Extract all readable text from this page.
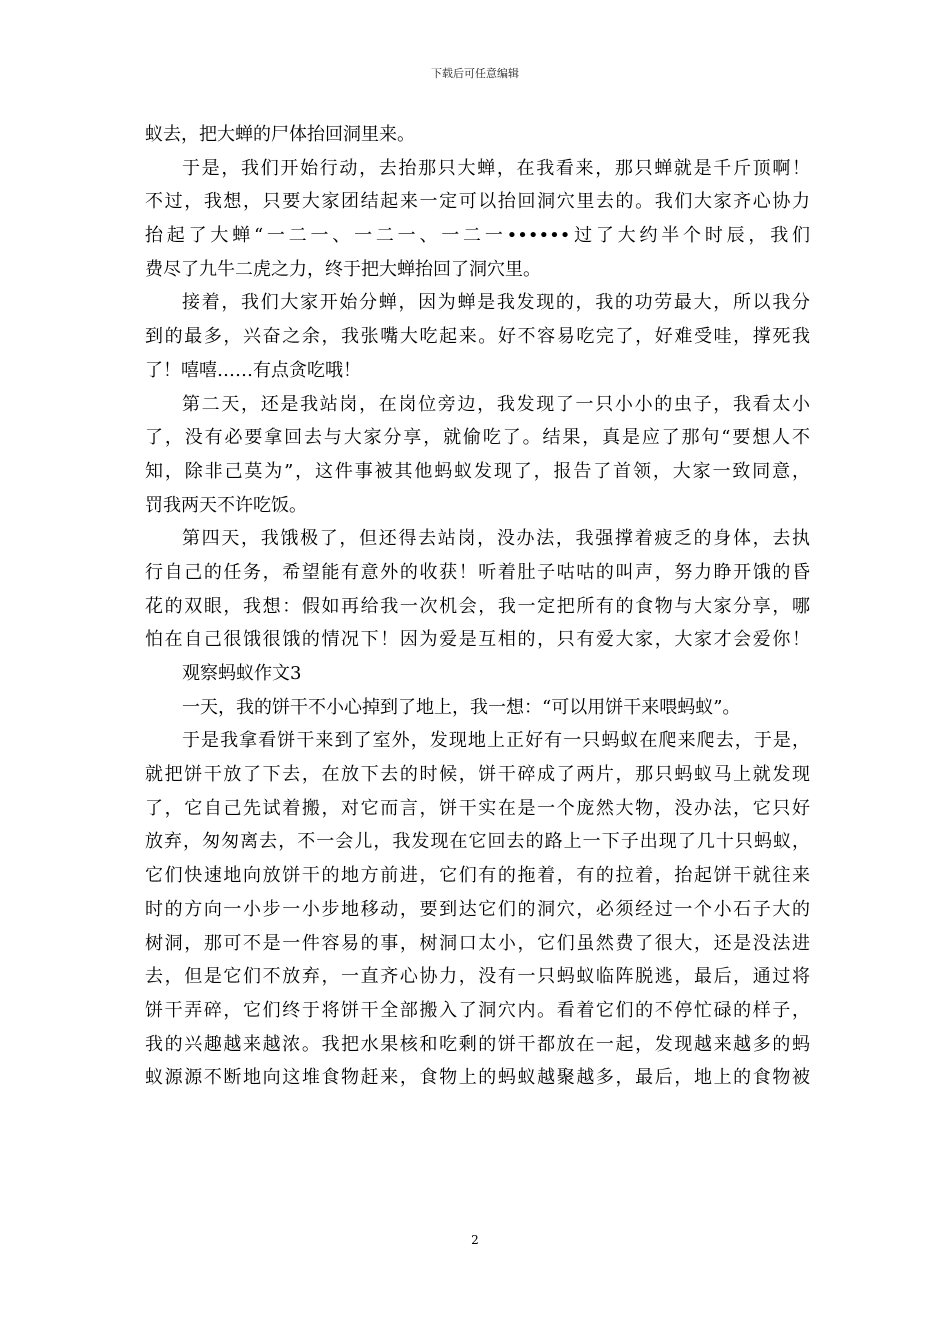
下载后可任意编辑
蚁去，把大蝉的尸体抬回洞里来。
于是，我们开始行动，去抬那只大蝉，在我看来，那只蝉就是千斤顶啊！
不过，我想，只要大家团结起来一定可以抬回洞穴里去的。我们大家齐心协力
抬起了大蝉“一二一、一二一、一二一••••••过了大约半个时辰，我们
费尽了九牛二虎之力，终于把大蝉抬回了洞穴里。
接着，我们大家开始分蝉，因为蝉是我发现的，我的功劳最大，所以我分
到的最多，兴奋之余，我张嘴大吃起来。好不容易吃完了，好难受哇，撑死我
了！嘻嘻……有点贪吃哦！
第二天，还是我站岗，在岗位旁边，我发现了一只小小的虫子，我看太小
了，没有必要拿回去与大家分享，就偷吃了。结果，真是应了那句“要想人不
知，除非己莫为”，这件事被其他蚂蚁发现了，报告了首领，大家一致同意，
罚我两天不许吃饭。
第四天，我饿极了，但还得去站岗，没办法，我强撑着疲乏的身体，去执
行自己的任务，希望能有意外的收获！听着肚子咕咕的叫声，努力睁开饿的昏
花的双眼，我想：假如再给我一次机会，我一定把所有的食物与大家分享，哪
怕在自己很饿很饿的情况下！因为爱是互相的，只有爱大家，大家才会爱你！
观察蚂蚁作文3
一天，我的饼干不小心掉到了地上，我一想：“可以用饼干来喂蚂蚁”。
于是我拿看饼干来到了室外，发现地上正好有一只蚂蚁在爬来爬去，于是，
就把饼干放了下去，在放下去的时候，饼干碎成了两片，那只蚂蚁马上就发现
了，它自己先试着搬，对它而言，饼干实在是一个庞然大物，没办法，它只好
放弃，匆匆离去，不一会儿，我发现在它回去的路上一下子出现了几十只蚂蚁，
它们快速地向放饼干的地方前进，它们有的拖着，有的拉着，抬起饼干就往来
时的方向一小步一小步地移动，要到达它们的洞穴，必须经过一个小石子大的
树洞，那可不是一件容易的事，树洞口太小，它们虽然费了很大，还是没法进
去，但是它们不放弃，一直齐心协力，没有一只蚂蚁临阵脱逃，最后，通过将
饼干弄碎，它们终于将饼干全部搬入了洞穴内。看着它们的不停忙碌的样子，
我的兴趣越来越浓。我把水果核和吃剩的饼干都放在一起，发现越来越多的蚂
蚁源源不断地向这堆食物赶来，食物上的蚂蚁越聚越多，最后，地上的食物被
2
